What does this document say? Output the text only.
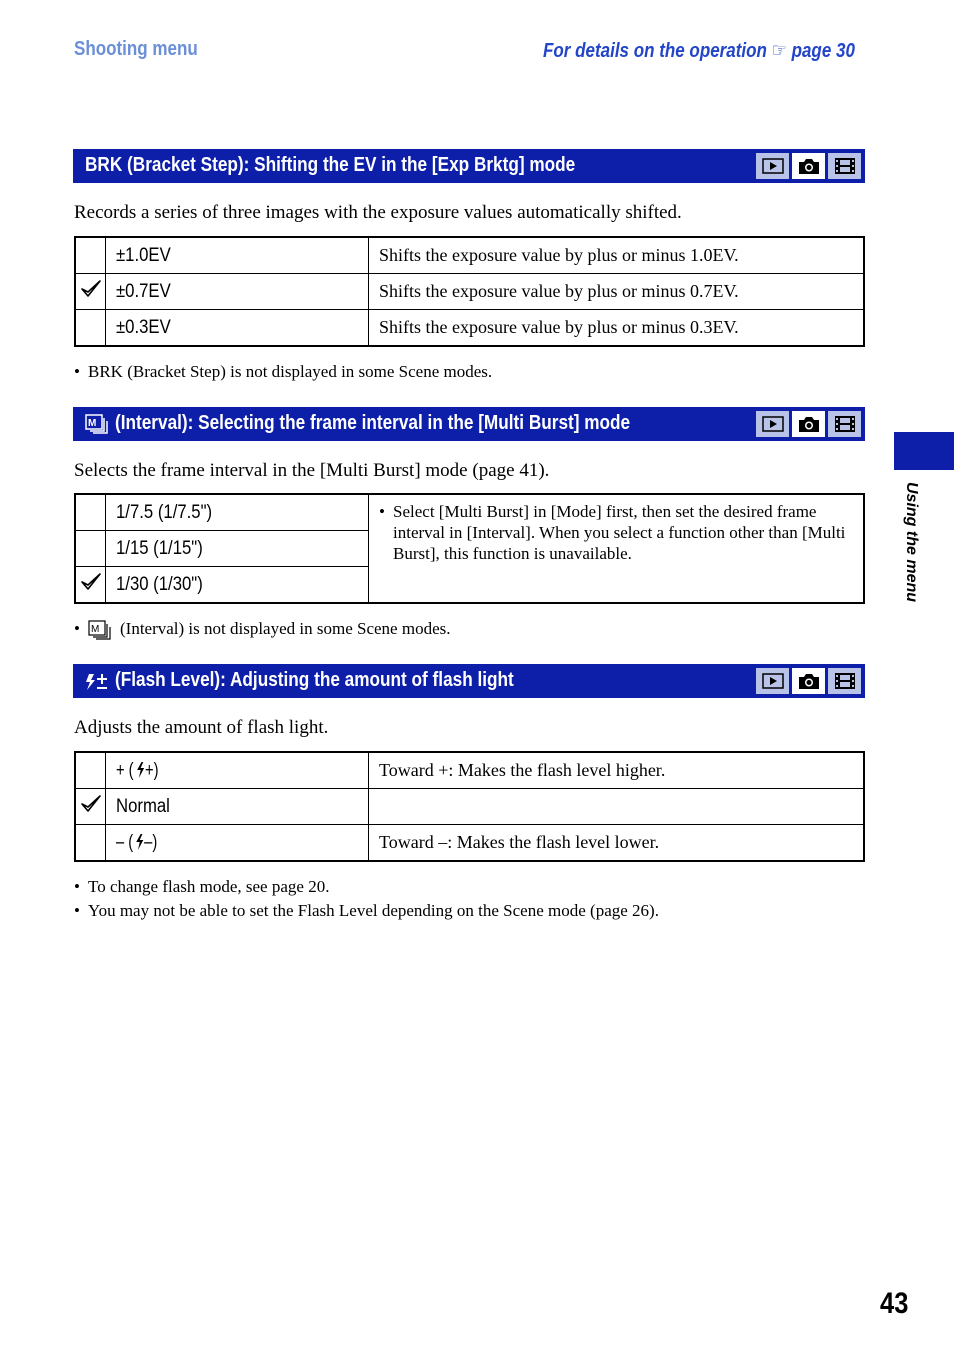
Shooting menu	For details on the operation ☞ page 30
BRK (Bracket Step): Shifting the EV in the [Exp Brktg] mode
Records a series of three images with the exposure values automatically shifted.
	±1.0EV	Shifts the exposure value by plus or minus 1.0EV.
	±0.7EV	Shifts the exposure value by plus or minus 0.7EV.
	±0.3EV	Shifts the exposure value by plus or minus 0.3EV.
• BRK (Bracket Step) is not displayed in some Scene modes.
M (Interval): Selecting the frame interval in the [Multi Burst] mode
Selects the frame interval in the [Multi Burst] mode (page 41).
	1/7.5 (1/7.5")	• Select [Multi Burst] in [Mode] first, then set the desired frame interval in [Interval]. When you select a function other than [Multi Burst], this function is unavailable.

	1/15 (1/15")	
	1/30 (1/30")	
• M (Interval) is not displayed in some Scene modes.
(Flash Level): Adjusting the amount of flash light
Adjusts the amount of flash light.
	+ ( +)	Toward +: Makes the flash level higher.
	Normal	
	– ( –)	Toward –: Makes the flash level lower.
• To change flash mode, see page 20.
• You may not be able to set the Flash Level depending on the Scene mode (page 26).
Using the menu
43
